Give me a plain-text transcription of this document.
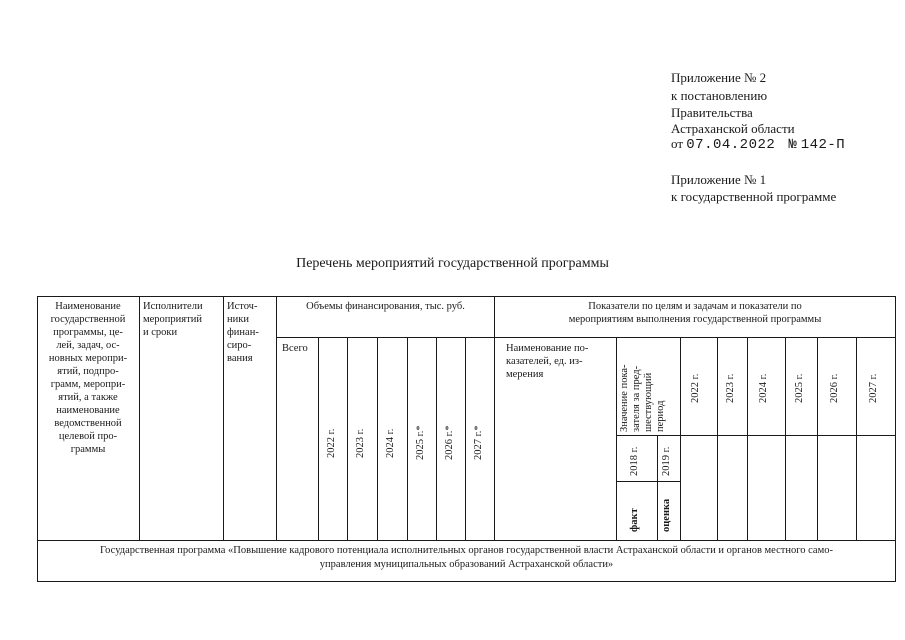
Приложение № 2
к постановлению
Правительства
Астраханской области
от 07.04.2022 № 142-П
Приложение № 1
к государственной программе
Перечень мероприятий государственной программы
Наименование
государственной
программы, це-
лей, задач, ос-
новных меропри-
ятий, подпро-
грамм, меропри-
ятий, а также
наименование
ведомственной
целевой про-
граммы
Исполнители
мероприятий
и сроки
Источ-
ники
финан-
сиро-
вания
Объемы финансирования, тыс. руб.
Всего
2022 г. 2023 г. 2024 г. 2025 г.* 2026 г.* 2027 г.*
Показатели по целям и задачам и показатели по
мероприятиям выполнения государственной программы
Наименование по-
казателей, ед. из-
мерения	Значение пока- зателя за пред- шествующий период
2018 г. 2019 г.
факт оценка
2022 г. 2023 г. 2024 г. 2025 г. 2026 г.	2027 г.
Государственная программа «Повышение кадрового потенциала исполнительных органов государственной власти Астраханской области и органов местного само-
управления муниципальных образований Астраханской области»
